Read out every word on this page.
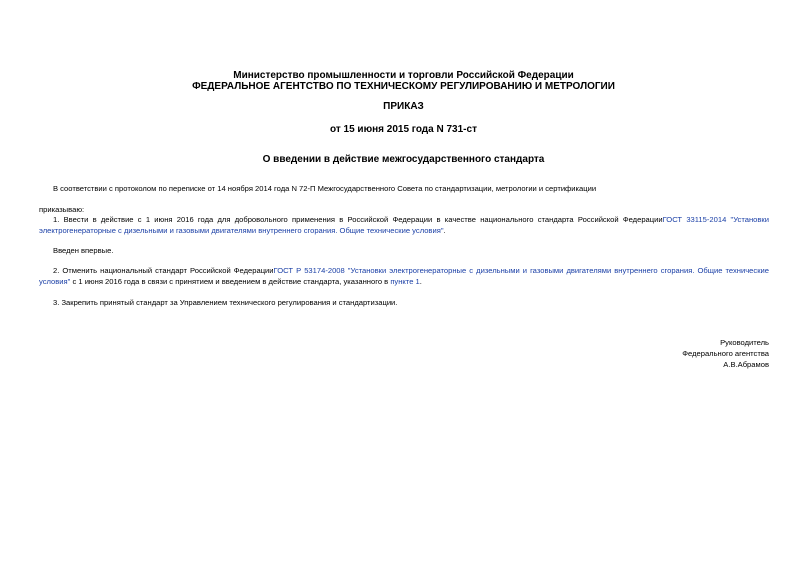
Министерство промышленности и торговли Российской Федерации
ФЕДЕРАЛЬНОЕ АГЕНТСТВО ПО ТЕХНИЧЕСКОМУ РЕГУЛИРОВАНИЮ И МЕТРОЛОГИИ
ПРИКАЗ
от 15 июня 2015 года N 731-ст
О введении в действие межгосударственного стандарта
В соответствии с протоколом по переписке от 14 ноября 2014 года N 72-П Межгосударственного Совета по стандартизации, метрологии и сертификации
приказываю:
1. Ввести в действие с 1 июня 2016 года для добровольного применения в Российской Федерации в качестве национального стандарта Российской ФедерацииГОСТ 33115-2014 "Установки электрогенераторные с дизельными и газовыми двигателями внутреннего сгорания. Общие технические условия".
Введен впервые.
2. Отменить национальный стандарт Российской ФедерацииГОСТ Р 53174-2008 "Установки электрогенераторные с дизельными и газовыми двигателями внутреннего сгорания. Общие технические условия" с 1 июня 2016 года в связи с принятием и введением в действие стандарта, указанного в пункте 1.
3. Закрепить принятый стандарт за Управлением технического регулирования и стандартизации.
Руководитель
Федерального агентства
А.В.Абрамов
